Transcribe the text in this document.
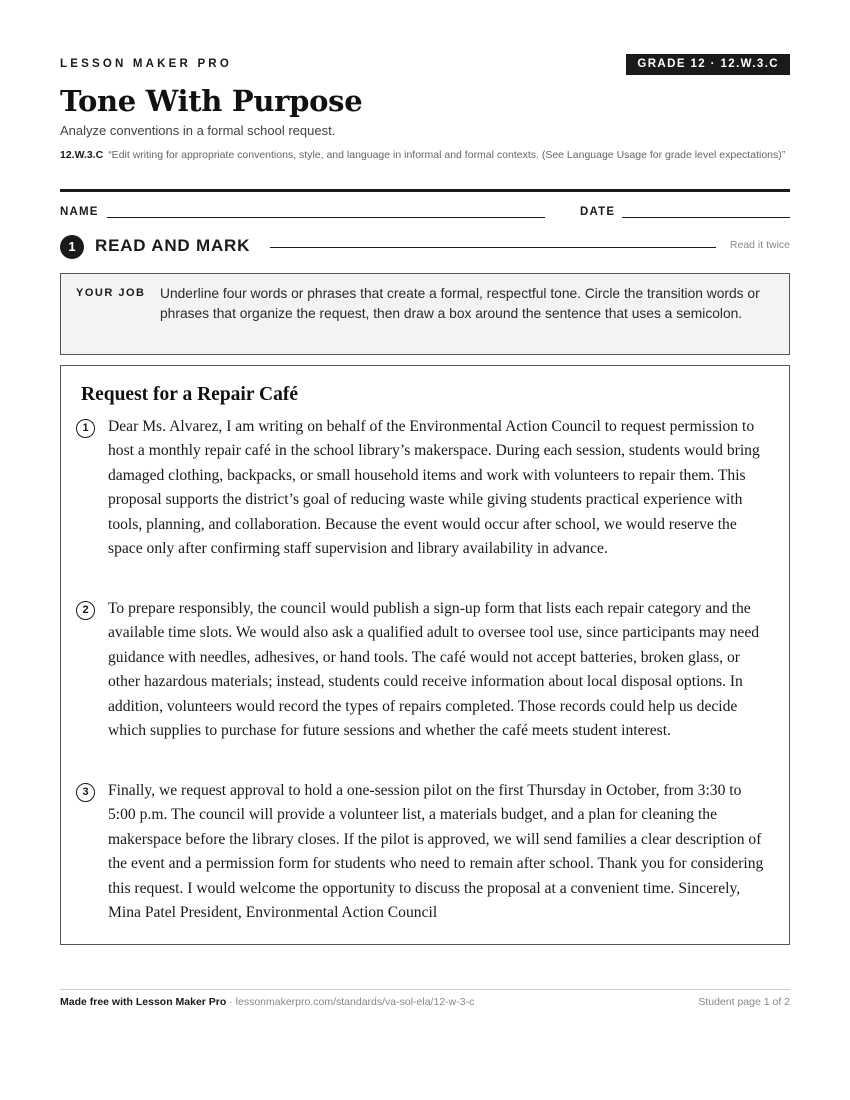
LESSON MAKER PRO	GRADE 12 · 12.W.3.C
Tone With Purpose
Analyze conventions in a formal school request.
12.W.3.C “Edit writing for appropriate conventions, style, and language in informal and formal contexts. (See Language Usage for grade level expectations)”
NAME	DATE
1	READ AND MARK	Read it twice
YOUR JOB Underline four words or phrases that create a formal, respectful tone. Circle the transition words or phrases that organize the request, then draw a box around the sentence that uses a semicolon.
Request for a Repair Café
1	Dear Ms. Alvarez, I am writing on behalf of the Environmental Action Council to request permission to host a monthly repair café in the school library’s makerspace. During each session, students would bring damaged clothing, backpacks, or small household items and work with volunteers to repair them. This proposal supports the district’s goal of reducing waste while giving students practical experience with tools, planning, and collaboration. Because the event would occur after school, we would reserve the space only after confirming staff supervision and library availability in advance.
2	To prepare responsibly, the council would publish a sign-up form that lists each repair category and the available time slots. We would also ask a qualified adult to oversee tool use, since participants may need guidance with needles, adhesives, or hand tools. The café would not accept batteries, broken glass, or other hazardous materials; instead, students could receive information about local disposal options. In addition, volunteers would record the types of repairs completed. Those records could help us decide which supplies to purchase for future sessions and whether the café meets student interest.
3	Finally, we request approval to hold a one-session pilot on the first Thursday in October, from 3:30 to 5:00 p.m. The council will provide a volunteer list, a materials budget, and a plan for cleaning the makerspace before the library closes. If the pilot is approved, we will send families a clear description of the event and a permission form for students who need to remain after school. Thank you for considering this request. I would welcome the opportunity to discuss the proposal at a convenient time. Sincerely, Mina Patel President, Environmental Action Council
Made free with Lesson Maker Pro · lessonmakerpro.com/standards/va-sol-ela/12-w-3-c	Student page 1 of 2
